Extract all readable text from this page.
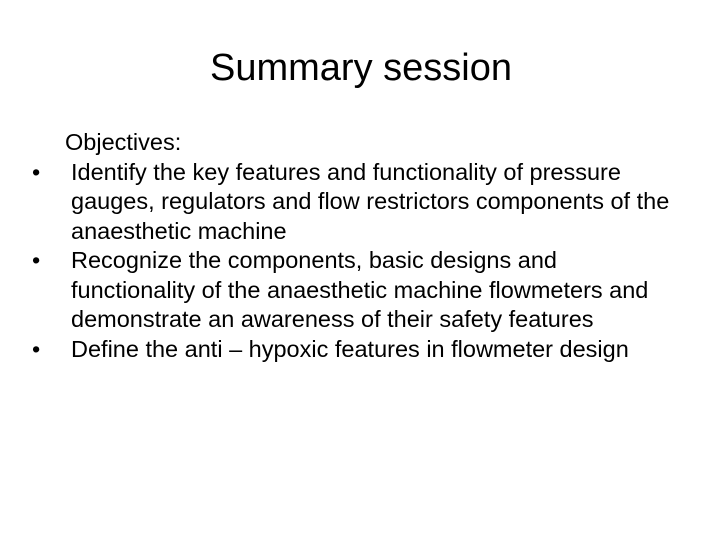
Summary session

Objectives:

•	Identify the key features and functionality of pressure gauges, regulators and flow restrictors components of the anaesthetic machine
•	Recognize the components, basic designs and functionality of the anaesthetic machine flowmeters and demonstrate an awareness of their safety features
•	Define the anti – hypoxic features in flowmeter design
